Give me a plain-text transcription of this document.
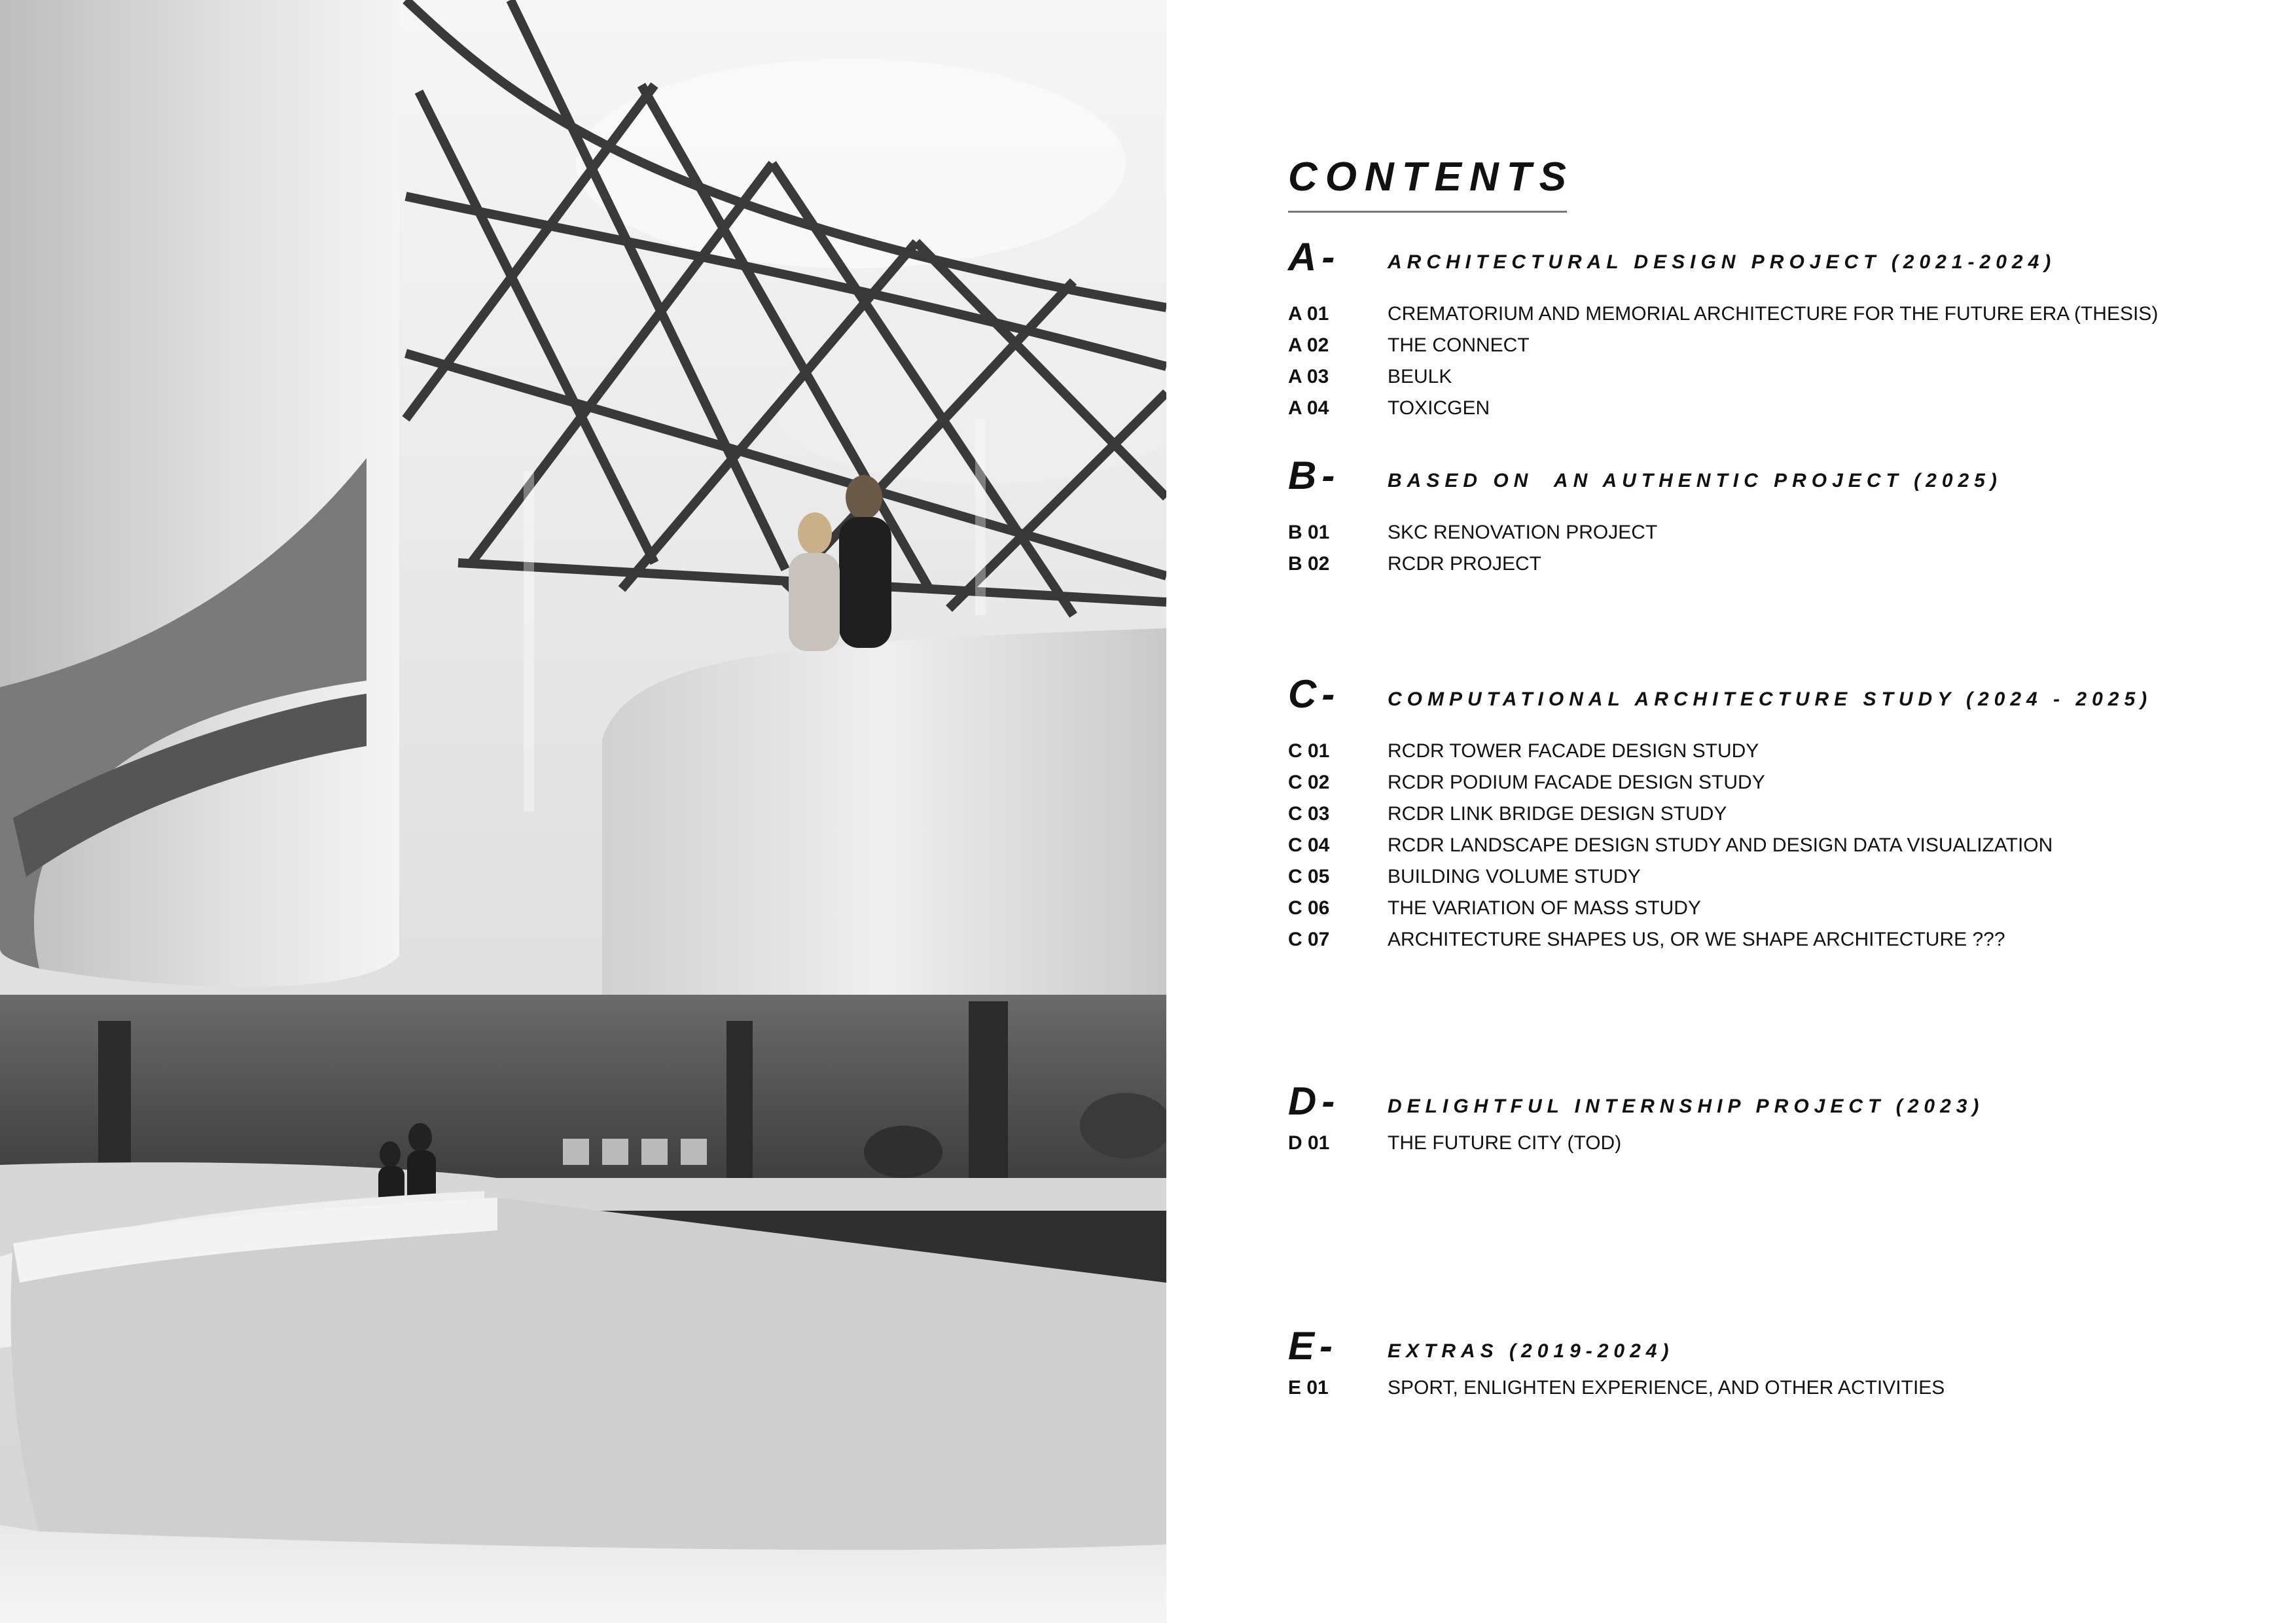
CONTENTS
A- ARCHITECTURAL DESIGN PROJECT (2021-2024)
A 01	CREMATORIUM AND MEMORIAL ARCHITECTURE FOR THE FUTURE ERA (THESIS)
A 02	THE CONNECT
A 03	BEULK
A 04	TOXICGEN
B- BASED ON  AN AUTHENTIC PROJECT (2025)
B 01	SKC RENOVATION PROJECT
B 02	RCDR PROJECT
C- COMPUTATIONAL ARCHITECTURE STUDY (2024 - 2025)
C 01	RCDR TOWER FACADE DESIGN STUDY
C 02	RCDR PODIUM FACADE DESIGN STUDY
C 03	RCDR LINK BRIDGE DESIGN STUDY
C 04	RCDR LANDSCAPE DESIGN STUDY AND DESIGN DATA VISUALIZATION
C 05	BUILDING VOLUME STUDY
C 06	THE VARIATION OF MASS STUDY
C 07	ARCHITECTURE SHAPES US, OR WE SHAPE ARCHITECTURE ???
D- DELIGHTFUL INTERNSHIP PROJECT (2023)
D 01	THE FUTURE CITY (TOD)
E-	EXTRAS (2019-2024)
E 01	SPORT, ENLIGHTEN EXPERIENCE, AND OTHER ACTIVITIES
